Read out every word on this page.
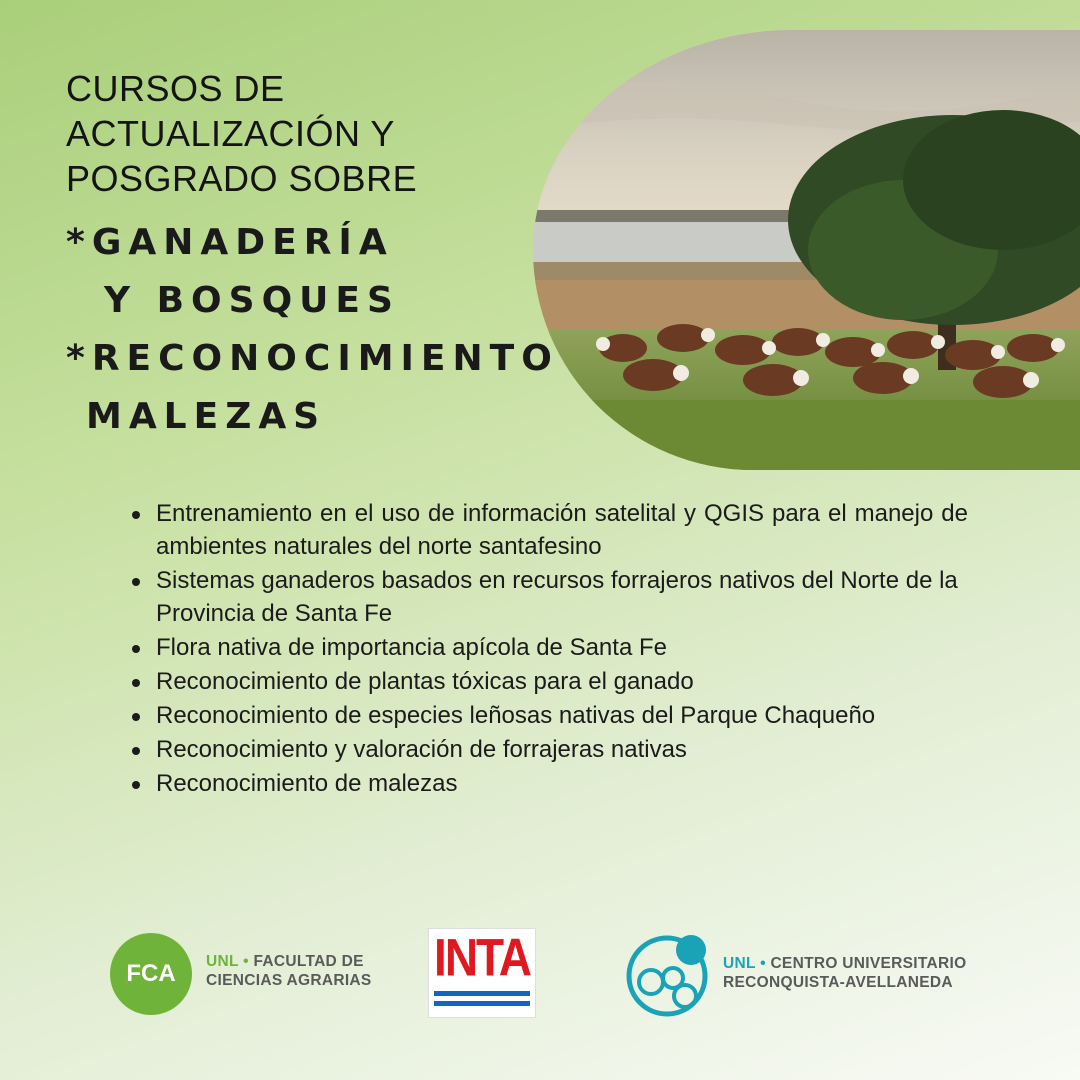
CURSOS DE
ACTUALIZACIÓN Y
POSGRADO SOBRE
*GANADERÍA
Y BOSQUES
*RECONOCIMIENTO
MALEZAS
Entrenamiento en el uso de información satelital y QGIS para el manejo de ambientes naturales del norte santafesino
Sistemas ganaderos basados en recursos forrajeros nativos del Norte de la Provincia de Santa Fe
Flora nativa de importancia apícola de Santa Fe
Reconocimiento de plantas tóxicas para el ganado
Reconocimiento de especies leñosas nativas del Parque Chaqueño
Reconocimiento y valoración de forrajeras nativas
Reconocimiento de malezas
FCA UNL • FACULTAD DE
CIENCIAS AGRARIAS INTA	UNL • CENTRO UNIVERSITARIO
RECONQUISTA-AVELLANEDA
